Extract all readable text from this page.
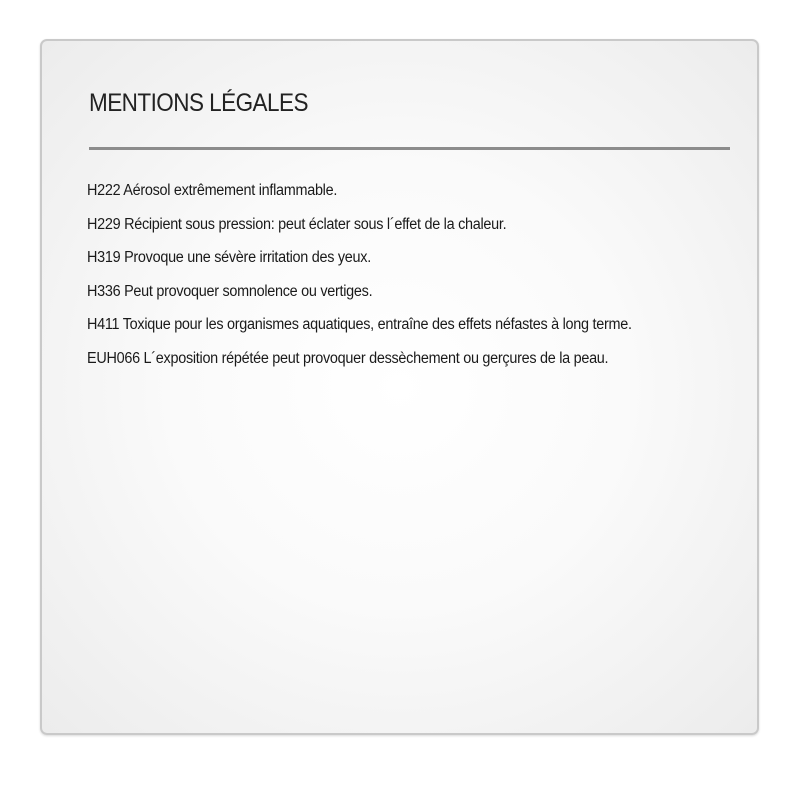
MENTIONS LÉGALES
H222 Aérosol extrêmement inflammable.
H229 Récipient sous pression: peut éclater sous l´effet de la chaleur.
H319 Provoque une sévère irritation des yeux.
H336 Peut provoquer somnolence ou vertiges.
H411 Toxique pour les organismes aquatiques, entraîne des effets néfastes à long terme.
EUH066 L´exposition répétée peut provoquer dessèchement ou gerçures de la peau.
